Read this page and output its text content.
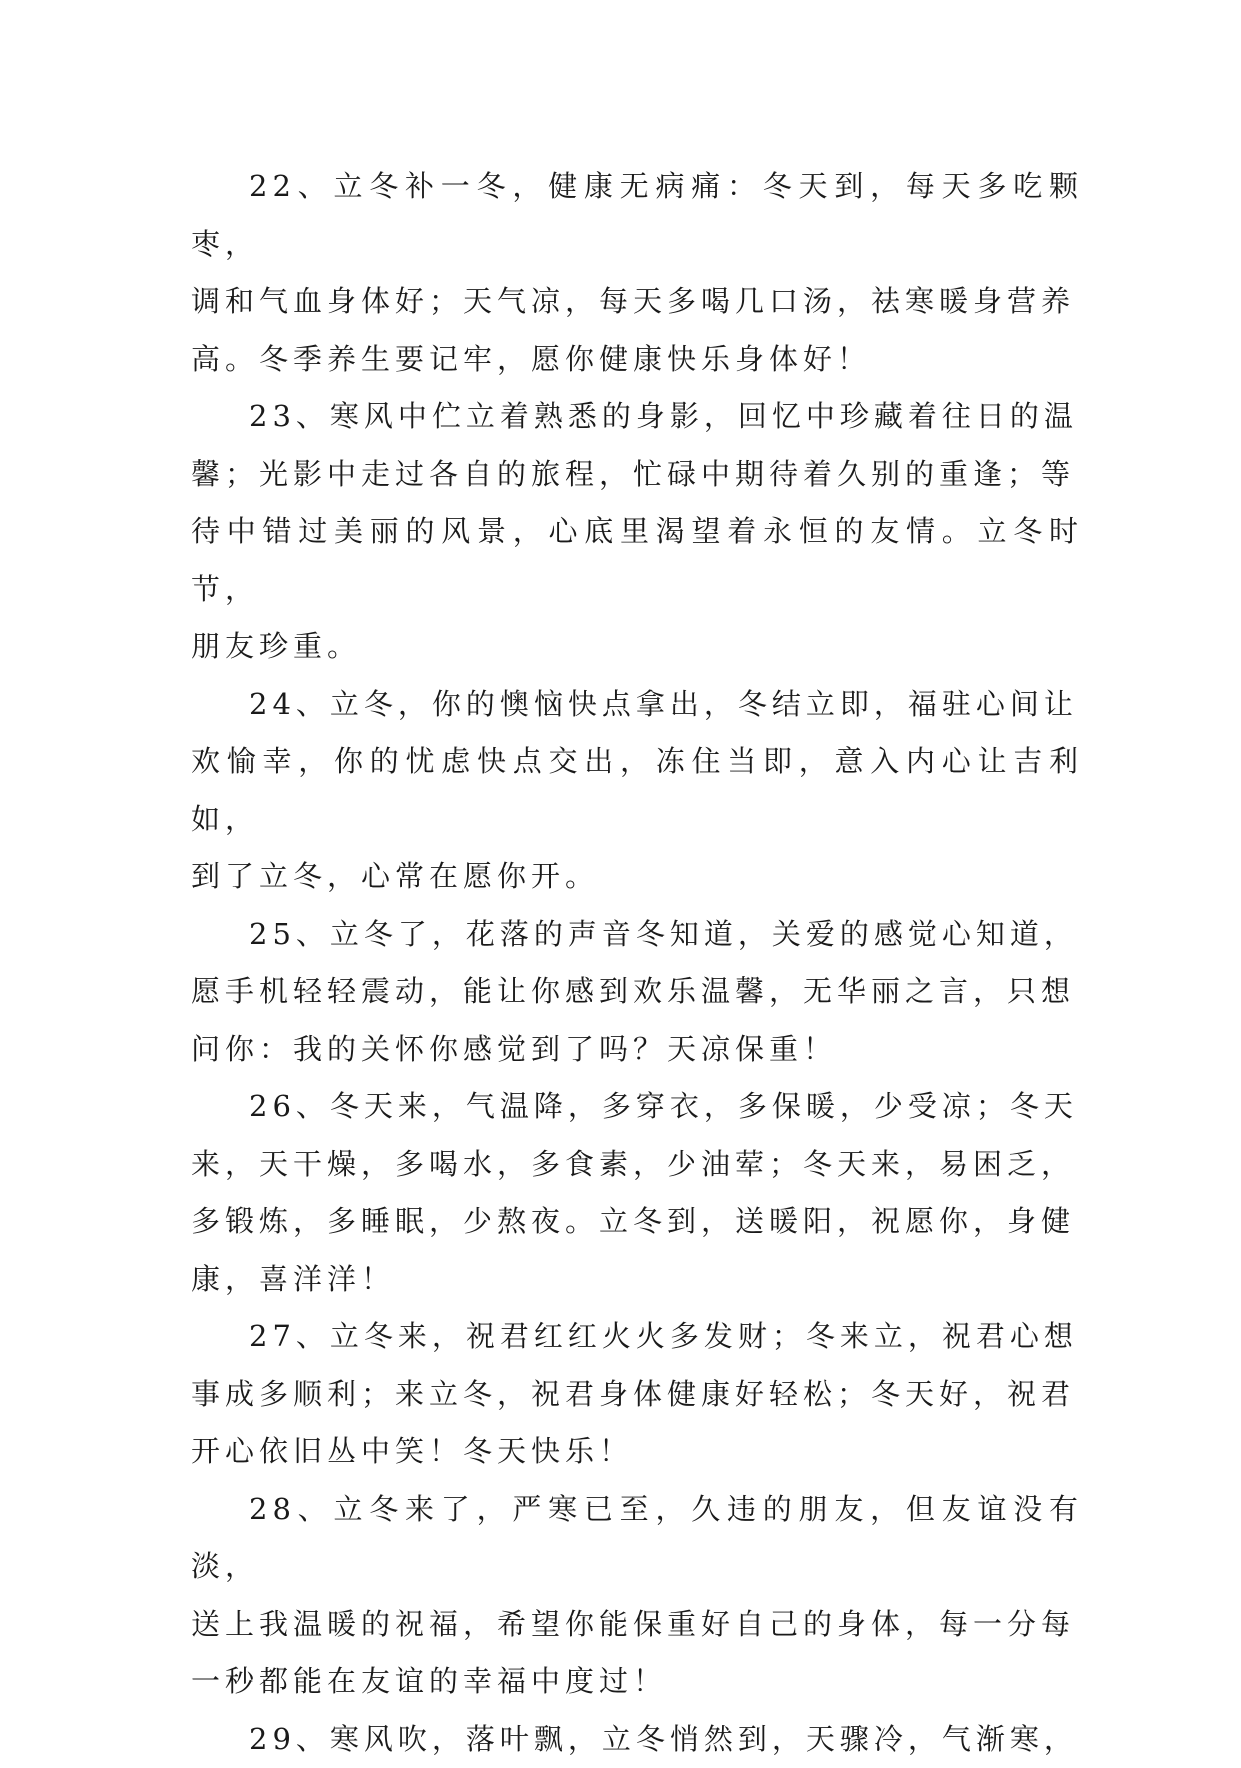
22、立冬补一冬，健康无病痛：冬天到，每天多吃颗枣，
调和气血身体好；天气凉，每天多喝几口汤，祛寒暖身营养
高。冬季养生要记牢，愿你健康快乐身体好！

23、寒风中伫立着熟悉的身影，回忆中珍藏着往日的温
馨；光影中走过各自的旅程，忙碌中期待着久别的重逢；等
待中错过美丽的风景，心底里渴望着永恒的友情。立冬时节，
朋友珍重。

24、立冬，你的懊恼快点拿出，冬结立即，福驻心间让
欢愉幸，你的忧虑快点交出，冻住当即，意入内心让吉利如，
到了立冬，心常在愿你开。

25、立冬了，花落的声音冬知道，关爱的感觉心知道，
愿手机轻轻震动，能让你感到欢乐温馨，无华丽之言，只想
问你：我的关怀你感觉到了吗？天凉保重！

26、冬天来，气温降，多穿衣，多保暖，少受凉；冬天
来，天干燥，多喝水，多食素，少油荤；冬天来，易困乏，
多锻炼，多睡眠，少熬夜。立冬到，送暖阳，祝愿你，身健
康，喜洋洋！

27、立冬来，祝君红红火火多发财；冬来立，祝君心想
事成多顺利；来立冬，祝君身体健康好轻松；冬天好，祝君
开心依旧丛中笑！冬天快乐！

28、立冬来了，严寒已至，久违的朋友，但友谊没有淡，
送上我温暖的祝福，希望你能保重好自己的身体，每一分每
一秒都能在友谊的幸福中度过！

29、寒风吹，落叶飘，立冬悄然到，天骤冷，气渐寒，
